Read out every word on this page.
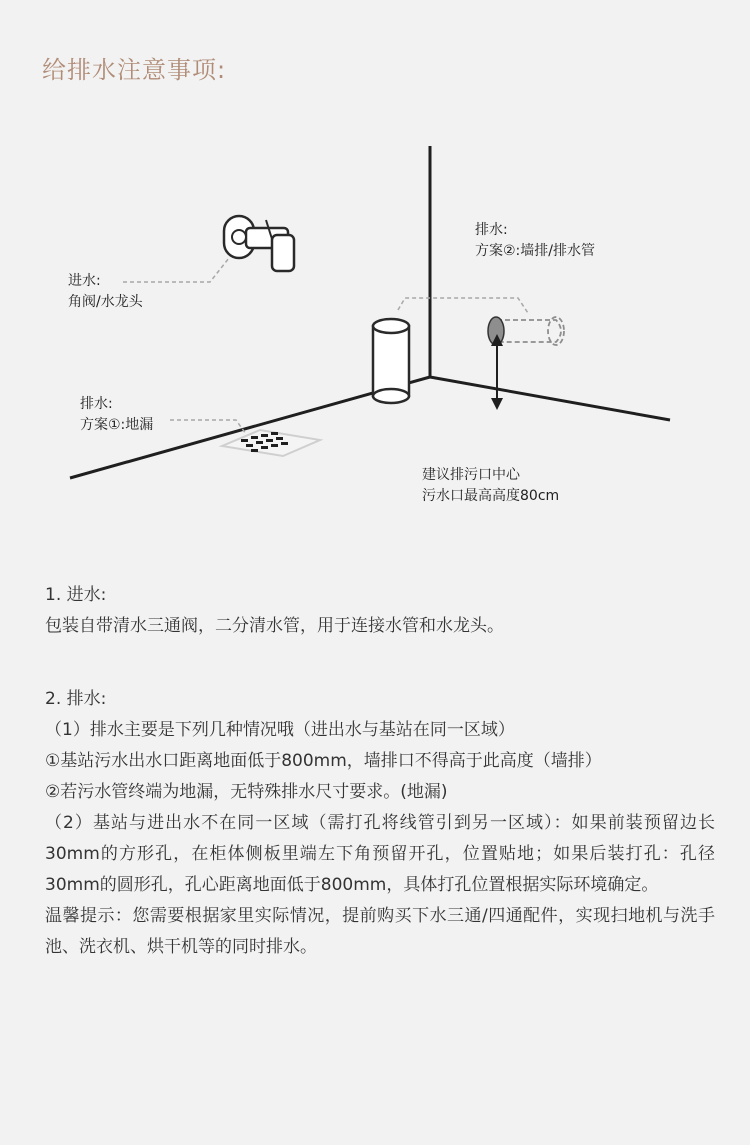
给排水注意事项:
进水:
角阀/水龙头
排水:
方案①:地漏
排水:
方案②:墙排/排水管
建议排污口中心
污水口最高高度80cm

1. 进水:

包装自带清水三通阀，二分清水管，用于连接水管和水龙头。

2. 排水:

（1）排水主要是下列几种情况哦（进出水与基站在同一区域）

①基站污水出水口距离地面低于800mm，墙排口不得高于此高度（墙排）

②若污水管终端为地漏，无特殊排水尺寸要求。(地漏)

（2）基站与进出水不在同一区域（需打孔将线管引到另一区域）：如果前装预留边长30mm的方形孔，在柜体侧板里端左下角预留开孔，位置贴地；如果后装打孔：孔径30mm的圆形孔，孔心距离地面低于800mm，具体打孔位置根据实际环境确定。

温馨提示：您需要根据家里实际情况，提前购买下水三通/四通配件，实现扫地机与洗手池、洗衣机、烘干机等的同时排水。
